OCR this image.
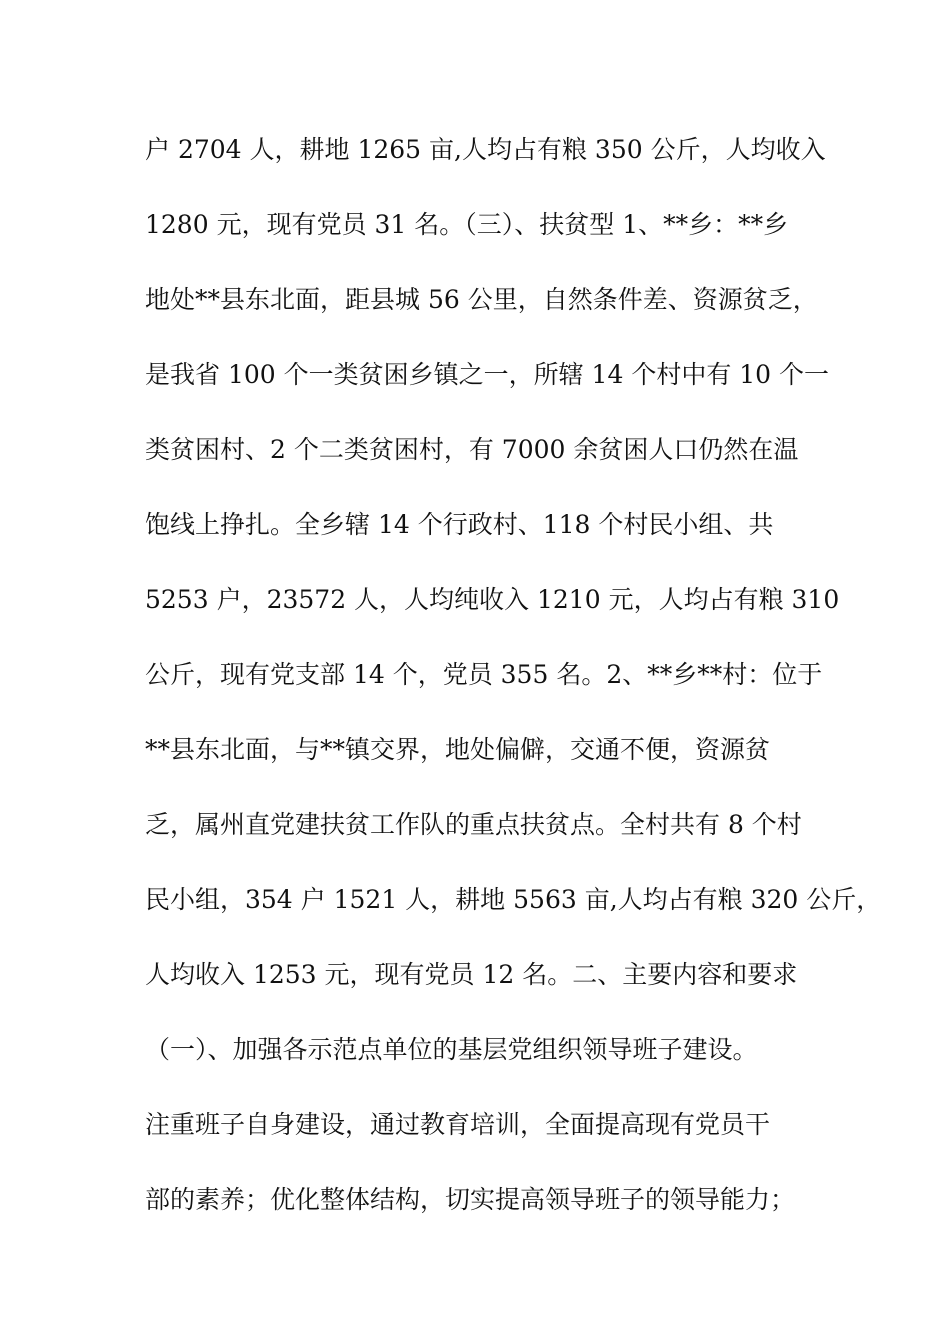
户 2704 人，耕地 1265 亩,人均占有粮 350 公斤，人均收入
1280 元，现有党员 31 名。（三）、扶贫型 1、**乡：**乡
地处**县东北面，距县城 56 公里，自然条件差、资源贫乏，
是我省 100 个一类贫困乡镇之一，所辖 14 个村中有 10 个一
类贫困村、2 个二类贫困村，有 7000 余贫困人口仍然在温
饱线上挣扎。全乡辖 14 个行政村、118 个村民小组、共
5253 户，23572 人，人均纯收入 1210 元，人均占有粮 310
公斤，现有党支部 14 个，党员 355 名。2、**乡**村：位于
**县东北面，与**镇交界，地处偏僻，交通不便，资源贫
乏，属州直党建扶贫工作队的重点扶贫点。全村共有 8 个村
民小组，354 户 1521 人，耕地 5563 亩,人均占有粮 320 公斤，
人均收入 1253 元，现有党员 12 名。二、主要内容和要求
（一）、加强各示范点单位的基层党组织领导班子建设。
注重班子自身建设，通过教育培训，全面提高现有党员干
部的素养；优化整体结构，切实提高领导班子的领导能力；
